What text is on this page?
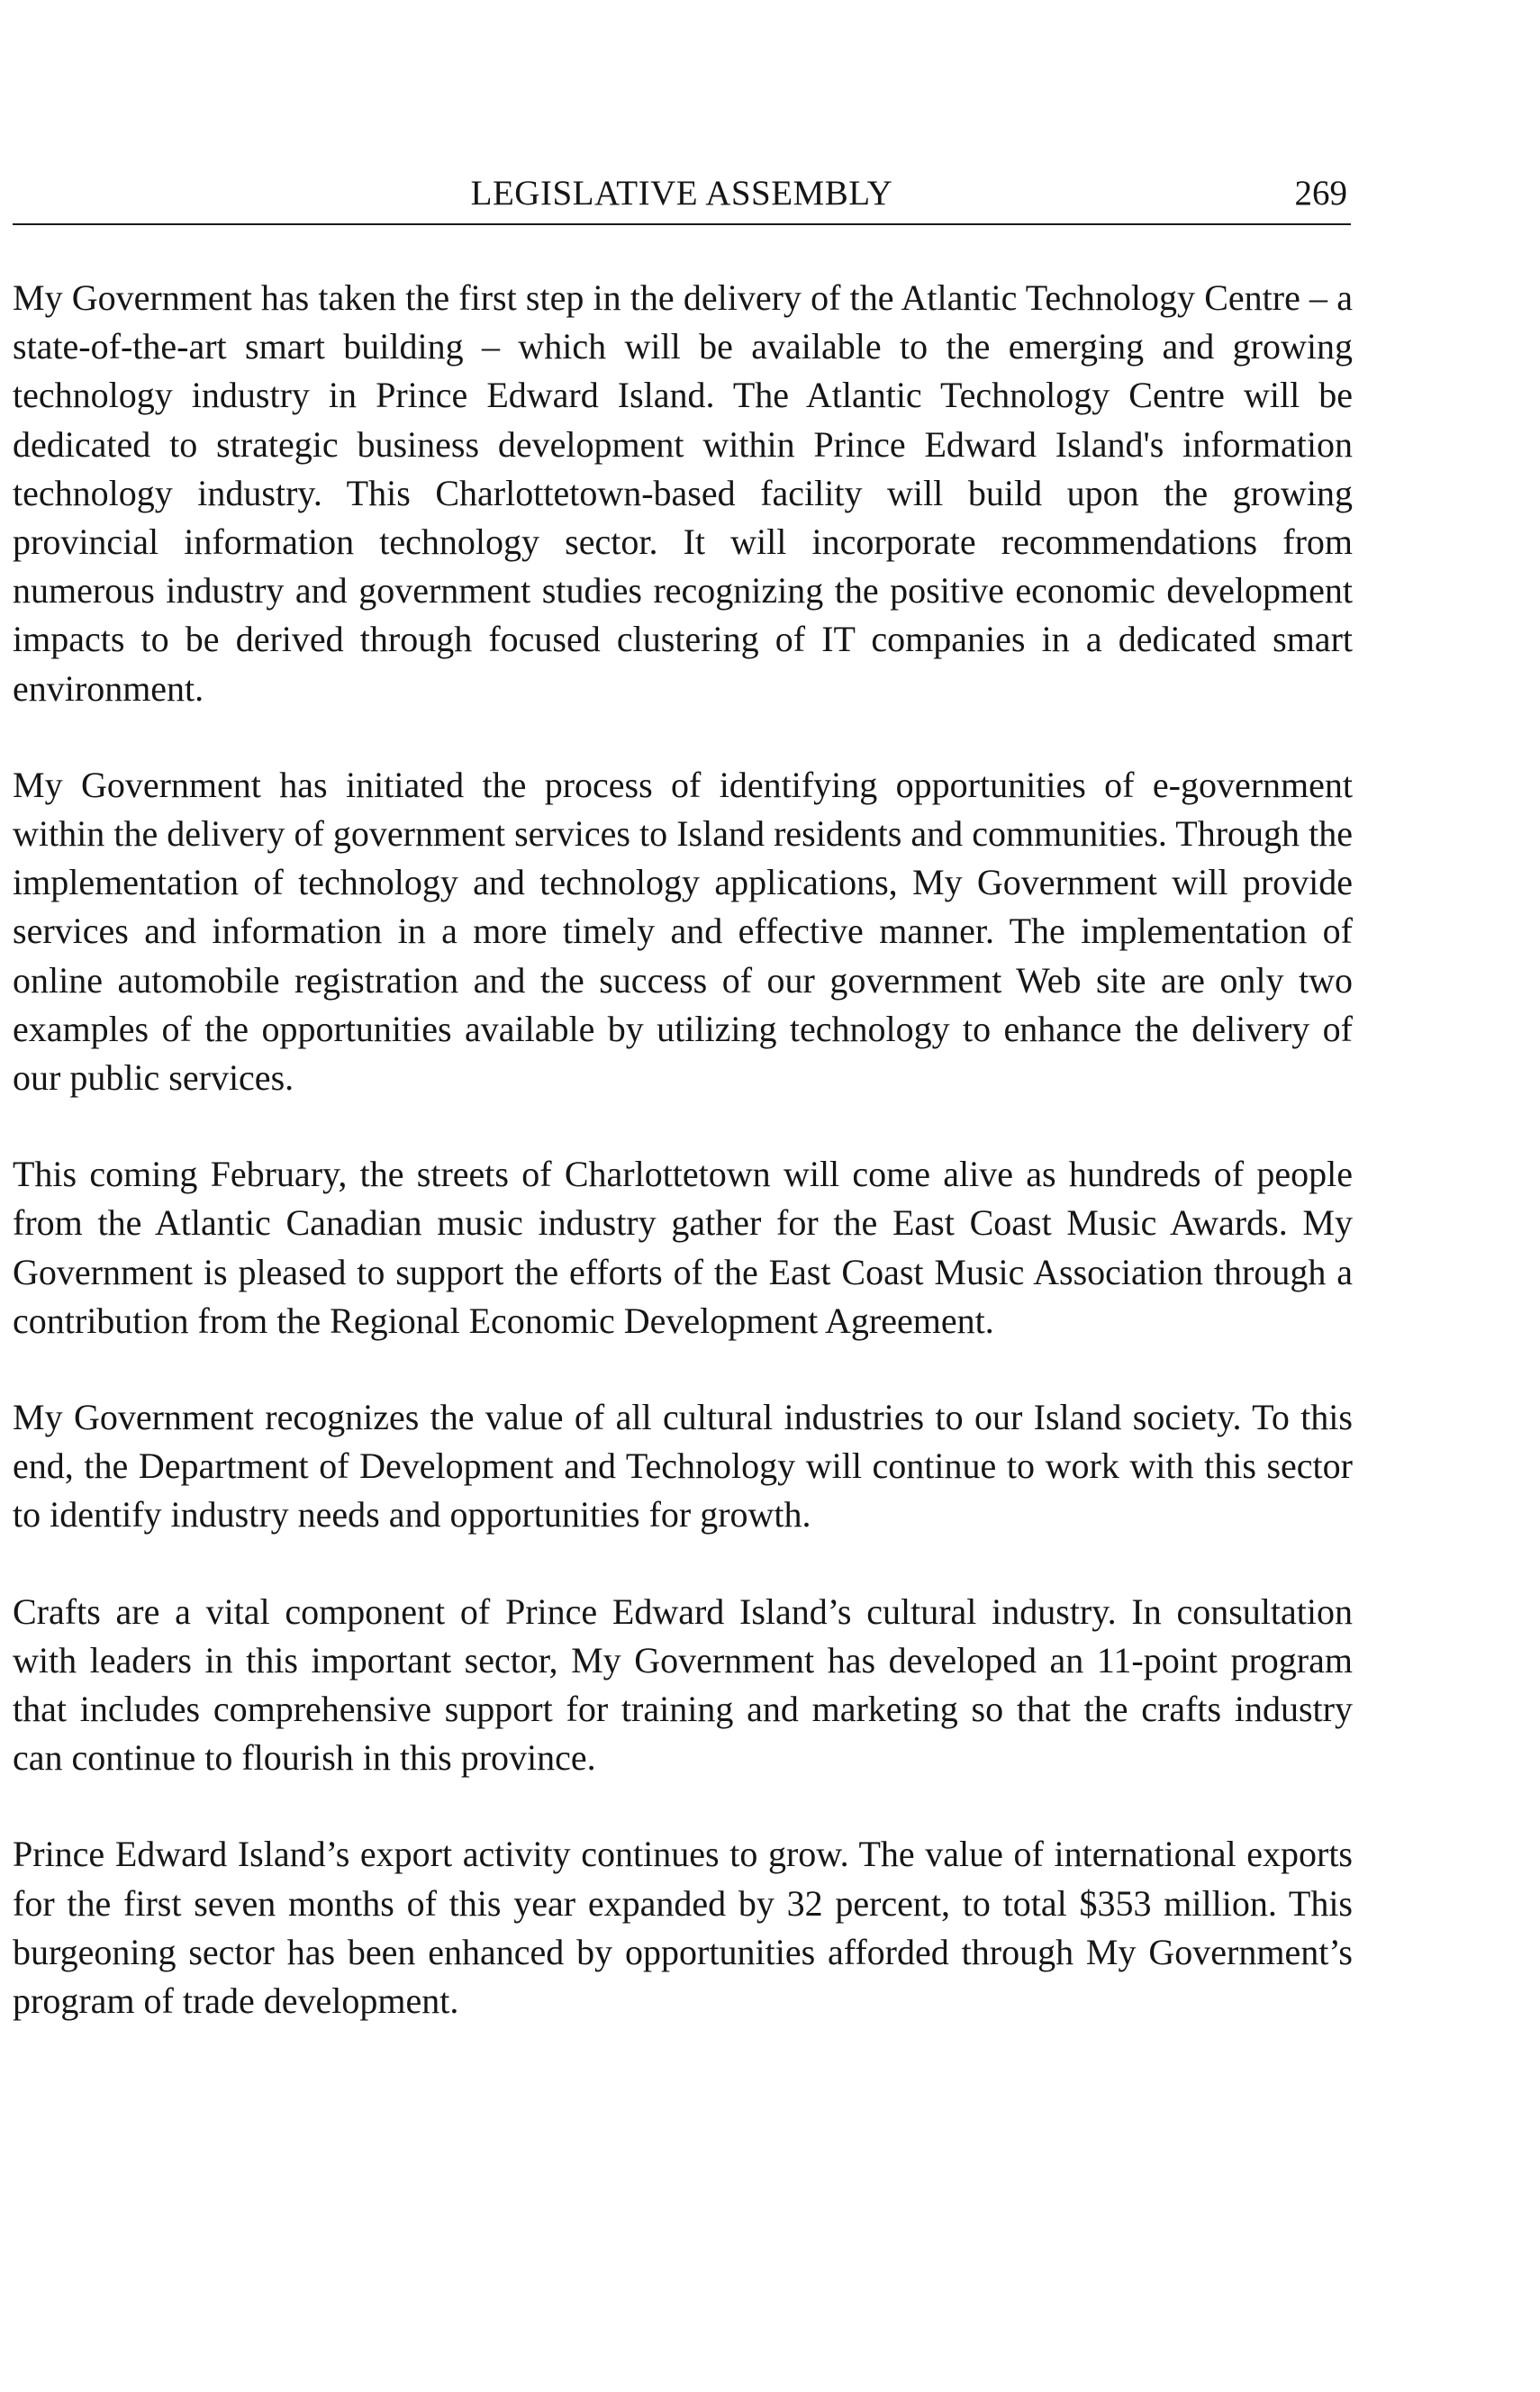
LEGISLATIVE ASSEMBLY	269

My Government has taken the first step in the delivery of the Atlantic Technology Centre – a state-of-the-art smart building – which will be available to the emerging and growing technology industry in Prince Edward Island. The Atlantic Technology Centre will be dedicated to strategic business development within Prince Edward Island's information technology industry. This Charlottetown-based facility will build upon the growing provincial information technology sector. It will incorporate recommendations from numerous industry and government studies recognizing the positive economic development impacts to be derived through focused clustering of IT companies in a dedicated smart environment.

My Government has initiated the process of identifying opportunities of e-government within the delivery of government services to Island residents and communities. Through the implementation of technology and technology applications, My Government will provide services and information in a more timely and effective manner. The implementation of online automobile registration and the success of our government Web site are only two examples of the opportunities available by utilizing technology to enhance the delivery of our public services.

This coming February, the streets of Charlottetown will come alive as hundreds of people from the Atlantic Canadian music industry gather for the East Coast Music Awards. My Government is pleased to support the efforts of the East Coast Music Association through a contribution from the Regional Economic Development Agreement.

My Government recognizes the value of all cultural industries to our Island society. To this end, the Department of Development and Technology will continue to work with this sector to identify industry needs and opportunities for growth.

Crafts are a vital component of Prince Edward Island’s cultural industry. In consultation with leaders in this important sector, My Government has developed an 11-point program that includes comprehensive support for training and marketing so that the crafts industry can continue to flourish in this province.

Prince Edward Island’s export activity continues to grow. The value of international exports for the first seven months of this year expanded by 32 percent, to total $353 million. This burgeoning sector has been enhanced by opportunities afforded through My Government’s program of trade development.
